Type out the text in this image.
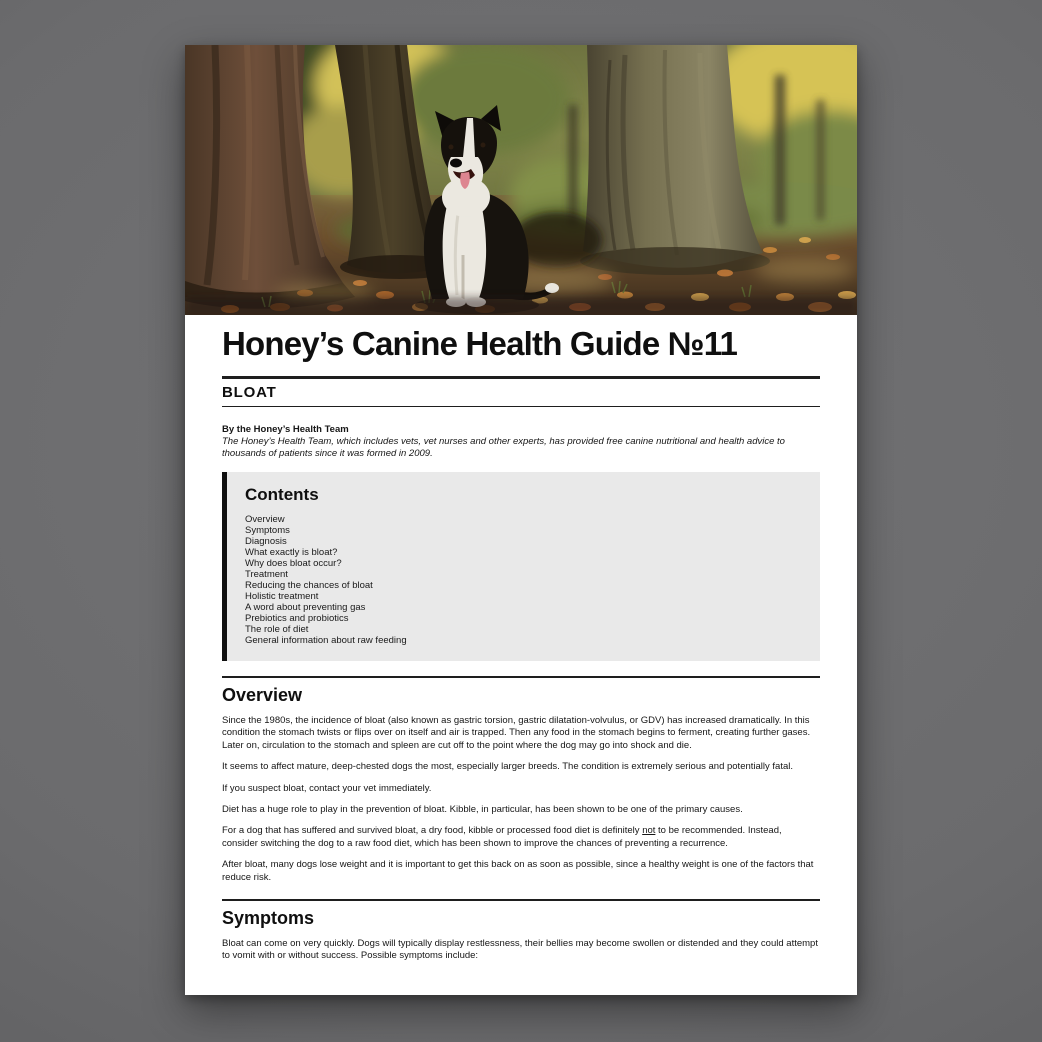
Honey’s Canine Health Guide №11
BLOAT

By the Honey’s Health Team

The Honey’s Health Team, which includes vets, vet nurses and other experts, has provided free canine nutritional and health advice to thousands of patients since it was formed in 2009.

Contents
Overview
Symptoms
Diagnosis
What exactly is bloat?
Why does bloat occur?
Treatment
Reducing the chances of bloat
Holistic treatment
A word about preventing gas
Prebiotics and probiotics
The role of diet
General information about raw feeding
Overview

Since the 1980s, the incidence of bloat (also known as gastric torsion, gastric dilatation-volvulus, or GDV) has increased dramatically. In this condition the stomach twists or flips over on itself and air is trapped. Then any food in the stomach begins to ferment, creating further gases. Later on, circulation to the stomach and spleen are cut off to the point where the dog may go into shock and die.

It seems to affect mature, deep-chested dogs the most, especially larger breeds. The condition is extremely serious and potentially fatal.

If you suspect bloat, contact your vet immediately.

Diet has a huge role to play in the prevention of bloat. Kibble, in particular, has been shown to be one of the primary causes.

For a dog that has suffered and survived bloat, a dry food, kibble or processed food diet is definitely not to be recommended. Instead, consider switching the dog to a raw food diet, which has been shown to improve the chances of preventing a recurrence.

After bloat, many dogs lose weight and it is important to get this back on as soon as possible, since a healthy weight is one of the factors that reduce risk.

Symptoms

Bloat can come on very quickly. Dogs will typically display restlessness, their bellies may become swollen or distended and they could attempt to vomit with or without success. Possible symptoms include:
